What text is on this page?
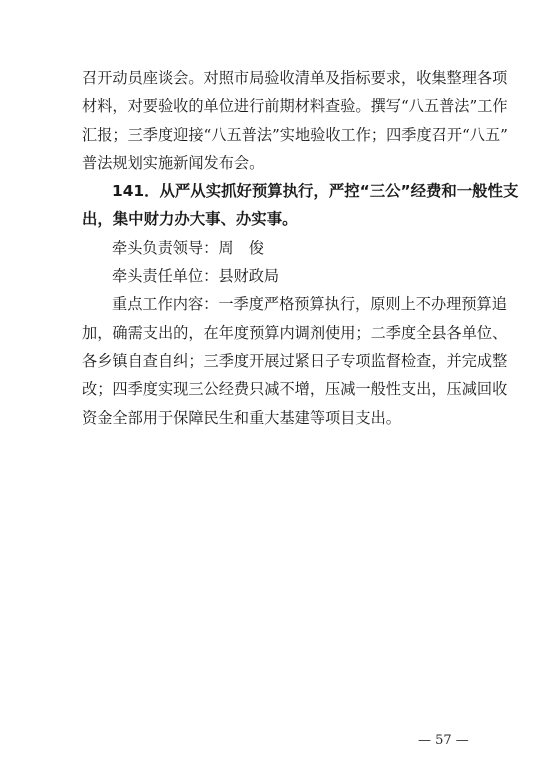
召开动员座谈会。对照市局验收清单及指标要求，收集整理各项

材料，对要验收的单位进行前期材料查验。撰写“八五普法”工作

汇报；三季度迎接“八五普法”实地验收工作；四季度召开“八五”

普法规划实施新闻发布会。

141．从严从实抓好预算执行，严控“三公”经费和一般性支

出，集中财力办大事、办实事。

牵头负责领导：周　俊

牵头责任单位：县财政局

重点工作内容：一季度严格预算执行，原则上不办理预算追

加，确需支出的，在年度预算内调剂使用；二季度全县各单位、

各乡镇自查自纠；三季度开展过紧日子专项监督检查，并完成整

改；四季度实现三公经费只减不增，压减一般性支出，压减回收

资金全部用于保障民生和重大基建等项目支出。

— 57 —
